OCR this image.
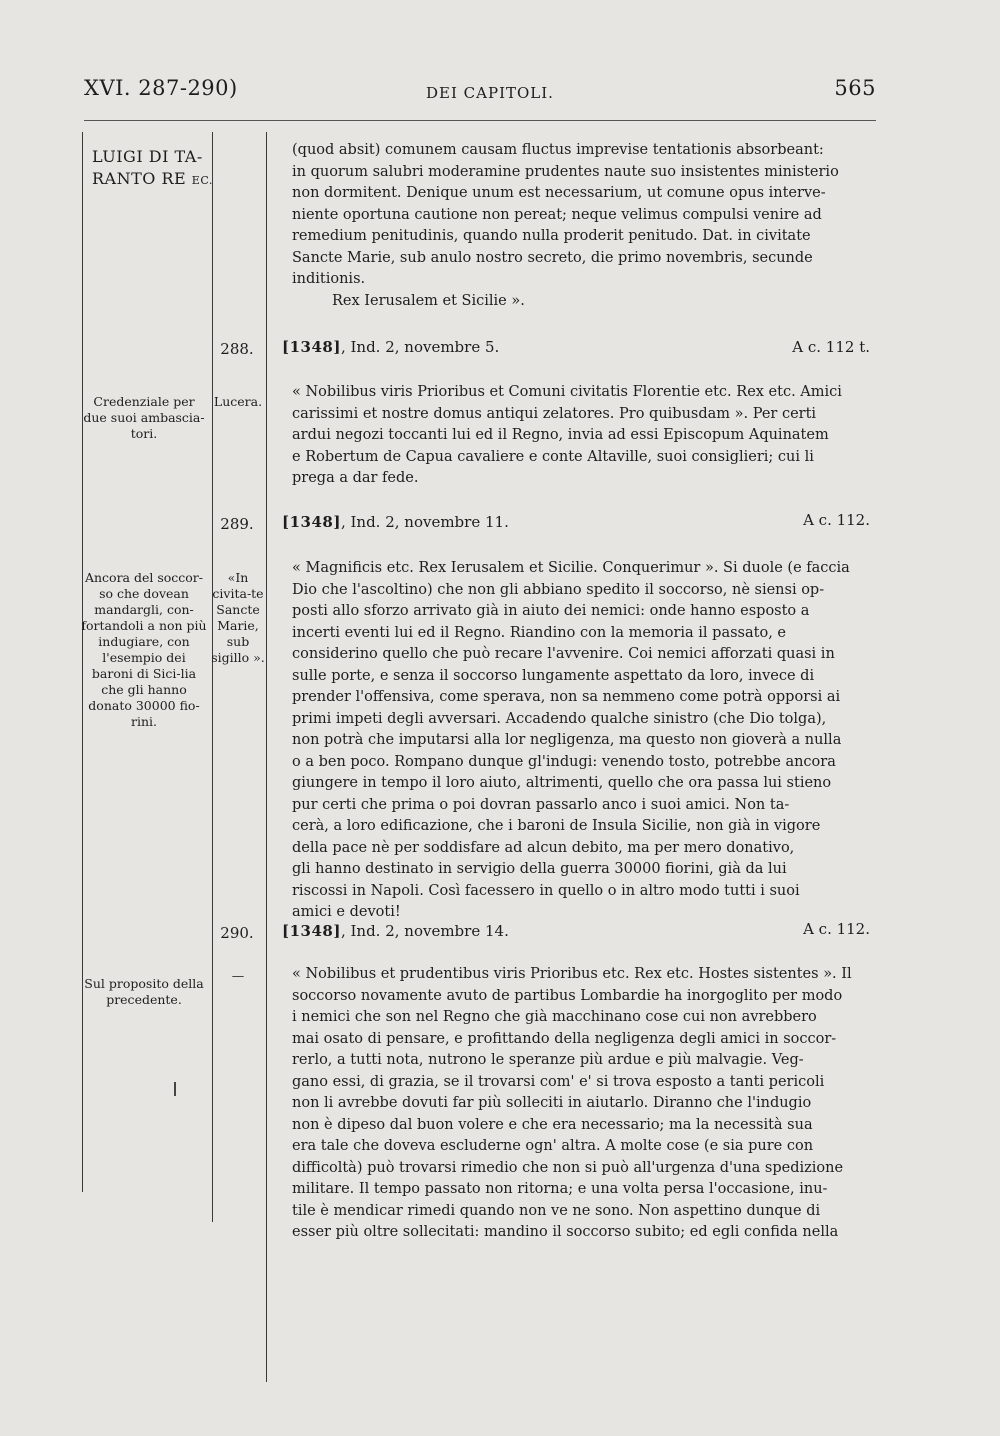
XVI. 287-290)	DEI CAPITOLI.	565
LUIGI DI TA-
RANTO RE EC.

(quod absit) comunem causam fluctus imprevise tentationis absorbeant:

in quorum salubri moderamine prudentes naute suo insistentes ministerio

non dormitent. Denique unum est necessarium, ut comune opus interve-

niente oportuna cautione non pereat; neque velimus compulsi venire ad

remedium penitudinis, quando nulla proderit penitudo. Dat. in civitate

Sancte Marie, sub anulo nostro secreto, die primo novembris, secunde

inditionis.

Rex Ierusalem et Sicilie ».

288.	[1348], Ind. 2, novembre 5.	A c. 112 t.
Credenziale per due suoi ambascia-tori.
Lucera.

« Nobilibus viris Prioribus et Comuni civitatis Florentie etc. Rex etc. Amici

carissimi et nostre domus antiqui zelatores. Pro quibusdam ». Per certi

ardui negozi toccanti lui ed il Regno, invia ad essi Episcopum Aquinatem

e Robertum de Capua cavaliere e conte Altaville, suoi consiglieri; cui li

prega a dar fede.

289.	[1348], Ind. 2, novembre 11.	A c. 112.
Ancora del soccor-so che dovean mandargli, con-fortandoli a non più indugiare, con l'esempio dei baroni di Sici-lia che gli hanno donato 30000 fio-rini.
«In civita-te Sancte Marie, sub sigillo ».

« Magnificis etc. Rex Ierusalem et Sicilie. Conquerimur ». Si duole (e faccia

Dio che l'ascoltino) che non gli abbiano spedito il soccorso, nè siensi op-

posti allo sforzo arrivato già in aiuto dei nemici: onde hanno esposto a

incerti eventi lui ed il Regno. Riandino con la memoria il passato, e

considerino quello che può recare l'avvenire. Coi nemici afforzati quasi in

sulle porte, e senza il soccorso lungamente aspettato da loro, invece di

prender l'offensiva, come sperava, non sa nemmeno come potrà opporsi ai

primi impeti degli avversari. Accadendo qualche sinistro (che Dio tolga),

non potrà che imputarsi alla lor negligenza, ma questo non gioverà a nulla

o a ben poco. Rompano dunque gl'indugi: venendo tosto, potrebbe ancora

giungere in tempo il loro aiuto, altrimenti, quello che ora passa lui stieno

pur certi che prima o poi dovran passarlo anco i suoi amici. Non ta-

cerà, a loro edificazione, che i baroni de Insula Sicilie, non già in vigore

della pace nè per soddisfare ad alcun debito, ma per mero donativo,

gli hanno destinato in servigio della guerra 30000 fiorini, già da lui

riscossi in Napoli. Così facessero in quello o in altro modo tutti i suoi

amici e devoti!

290.	[1348], Ind. 2, novembre 14.	A c. 112.
Sul proposito della precedente.
—	« Nobilibus et prudentibus viris Prioribus etc. Rex etc. Hostes sistentes ». Il

soccorso novamente avuto de partibus Lombardie ha inorgoglito per modo

i nemici che son nel Regno che già macchinano cose cui non avrebbero

mai osato di pensare, e profittando della negligenza degli amici in soccor-

rerlo, a tutti nota, nutrono le speranze più ardue e più malvagie. Veg-

gano essi, di grazia, se il trovarsi com' e' si trova esposto a tanti pericoli

non li avrebbe dovuti far più solleciti in aiutarlo. Diranno che l'indugio

non è dipeso dal buon volere e che era necessario; ma la necessità sua

era tale che doveva escluderne ogn' altra. A molte cose (e sia pure con

difficoltà) può trovarsi rimedio che non si può all'urgenza d'una spedizione

militare. Il tempo passato non ritorna; e una volta persa l'occasione, inu-

tile è mendicar rimedi quando non ve ne sono. Non aspettino dunque di

esser più oltre sollecitati: mandino il soccorso subito; ed egli confida nella
